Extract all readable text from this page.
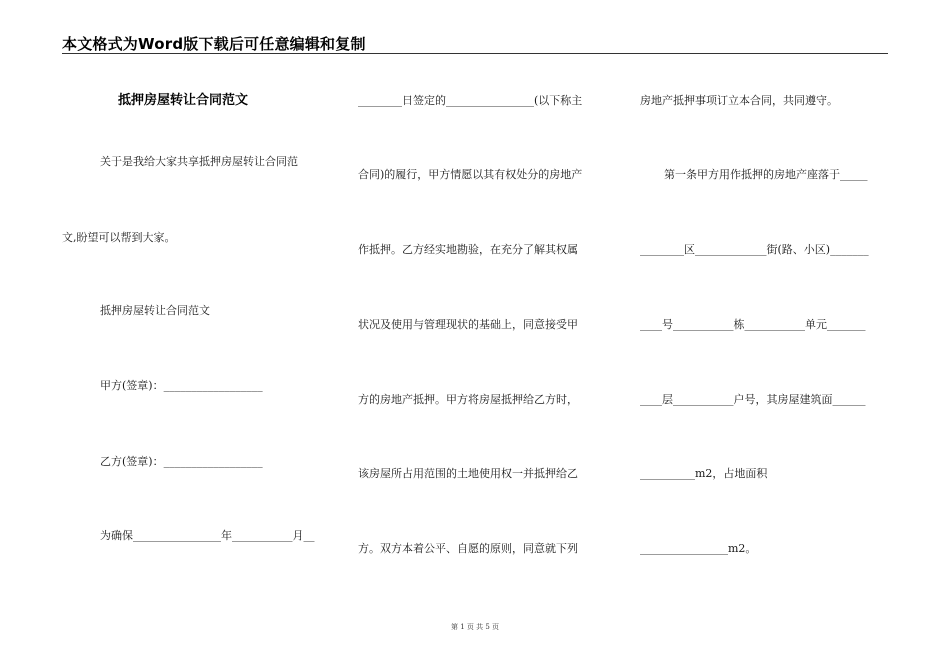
本文格式为Word版下载后可任意编辑和复制
抵押房屋转让合同范文
关于是我给大家共享抵押房屋转让合同范
文,盼望可以帮到大家。
抵押房屋转让合同范文
甲方(签章)：__________________
乙方(签章)：__________________
为确保________________年___________月__
________日签定的________________(以下称主
合同)的履行，甲方情愿以其有权处分的房地产
作抵押。乙方经实地勘验，在充分了解其权属
状况及使用与管理现状的基础上，同意接受甲
方的房地产抵押。甲方将房屋抵押给乙方时，
该房屋所占用范围的土地使用权一并抵押给乙
方。双方本着公平、自愿的原则，同意就下列
房地产抵押事项订立本合同，共同遵守。
第一条甲方用作抵押的房地产座落于_____
________区_____________街(路、小区)_______
____号___________栋___________单元_______
____层___________户号，其房屋建筑面______
__________m2，占地面积
________________m2。
第 1 页 共 5 页
